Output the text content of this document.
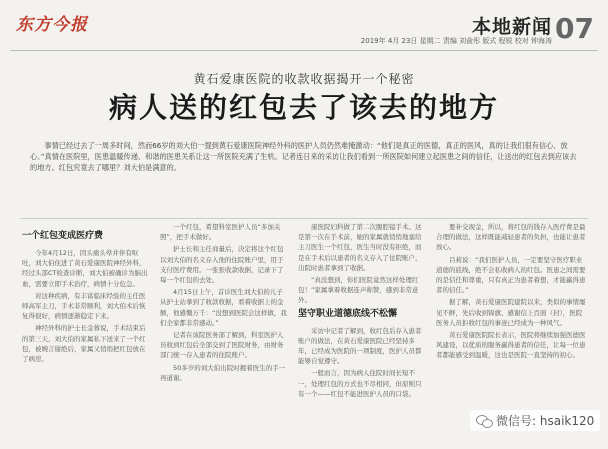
东方今报	本地新闻 07
2019年 4月 23日 星期二 责编 刘俞彤 版式 程锐 校对 钟海涛
黄石爱康医院的收款收据揭开一个秘密
病人送的红包去了该去的地方
事情已经过去了一周多时间，然而66岁的刘大伯一提到黄石爱康医院神经外科的医护人员仍然难掩激动：“他们是真正的医德，真正的医风，真的让我们很有信心、放心。”真情在医院里，医患温暖传递、和谐的医患关系让这一所医院充满了生机。记者连日来的采访让我们看到一所医院如何建立起医患之间的信任，让送出的红包去到应该去的地方。红包究竟去了哪里？刘大伯是满意的。
一个红包变成医疗费

今年4月12日，因头痛头晕并伴有呕吐，刘大伯住进了黄石爱康医院神经外科，经过头部CT检查诊断，刘大伯被确诊为脑出血，需要立即手术治疗，病情十分危急。

对这种疾病，有丰富临床经验的主任医师高军主刀，手术非常顺利，刘大伯术后恢复得很好，病情逐渐稳定下来。

神经外科的护士长金蓉说，手术结束后的第三天，刘大伯的家属私下送来了一个红包，被婉言谢绝后，家属又悄悄把红包放在了病房。

一个红包，希望科室医护人员“多加关照”，把手术做好。

护士长和主任商量后，决定将这个红包以刘大伯的名义存入他的住院账户里，用于支付医疗费用。一张张收款收据，记录下了每一个红包的去处。

4月15日上午，首诊医生刘大伯的儿子从护士站拿到了收款收据，看着收据上的金额，他感慨万千：“没想到医院会这样做，我们全家都非常感动。”

记者在该院医务部了解到，科室医护人员收到红包后全部交到了医院财务，由财务部门统一存入患者的住院账户。

50多岁的刘大伯出院时握着医生的手一再道谢。

康医院妇科做了第二次腹腔镜手术。这是第一次在手术前，她的家属就悄悄地塞给主刀医生一个红包，医生当时没有拒绝，而是在手术后以患者的名义存入了住院账户，出院时患者拿到了收据。

“真没想到，你们医院竟然这样处理红包！”家属拿着收据连声称赞，感到非常意外。

坚守职业道德底线不松懈

采访中记者了解到，收红包后存入患者账户的做法，在黄石爱康医院已经坚持多年，已经成为医院的一项制度，医护人员都能够自觉遵守。

一般而言，因为病人住院时间长短不一，处理红包的方式也不尽相同，但原则只有一个——红包不能进医护人员的口袋。

要补交现金，所以，将红包的钱存入医疗费是最合理的做法，这样既能减轻患者的负担，也能让患者放心。

吕莉说：“我们医护人员，一定要坚守医疗职业道德的底线，绝不会私收病人的红包。医患之间需要的是信任和尊重，只有真正为患者着想，才能赢得患者的信任。”

据了解，黄石爱康医院建院以来，类似的事情屡见不鲜，先后收到锦旗、感谢信上百面（封），医院医务人员拒收红包的事迹已经成为一种风气。

黄石爱康医院院长表示，医院将继续加强医德医风建设，以优质的服务赢得患者的信任，让每一位患者都能感受到温暖，这也是医院一直坚持的初心。

微信号: hsaik120
